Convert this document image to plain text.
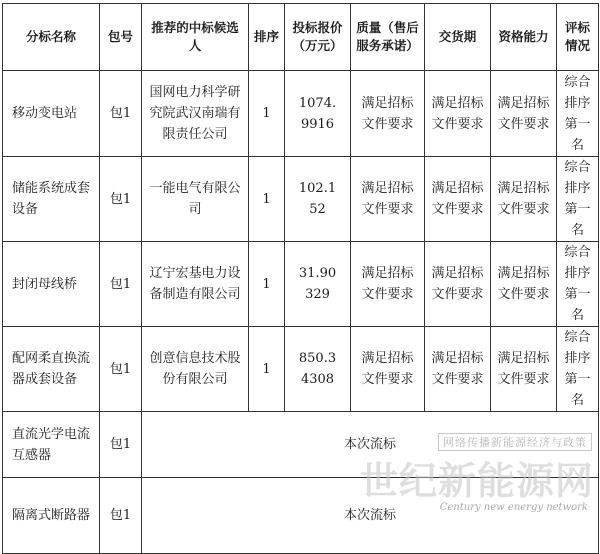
分标名称	包号	推荐的中标候选人	排序	投标报价（万元）	质量（售后服务承诺）	交货期	资格能力	评标情况
移动变电站	包1	国网电力科学研究院武汉南瑞有限责任公司	1	1074.9916	满足招标文件要求	满足招标文件要求	满足招标文件要求	综合排序第一名
储能系统成套设备	包1	一能电气有限公司	1	102.152	满足招标文件要求	满足招标文件要求	满足招标文件要求	综合排序第一名
封闭母线桥	包1	辽宁宏基电力设备制造有限公司	1	31.90329	满足招标文件要求	满足招标文件要求	满足招标文件要求	综合排序第一名
配网柔直换流器成套设备	包1	创意信息技术股份有限公司	1	850.34308	满足招标文件要求	满足招标文件要求	满足招标文件要求	综合排序第一名
直流光学电流互感器	包1	本次流标						
隔离式断路器	包1	本次流标						
网络传播新能源经济与政策
世纪新能源网
Century new energy network
